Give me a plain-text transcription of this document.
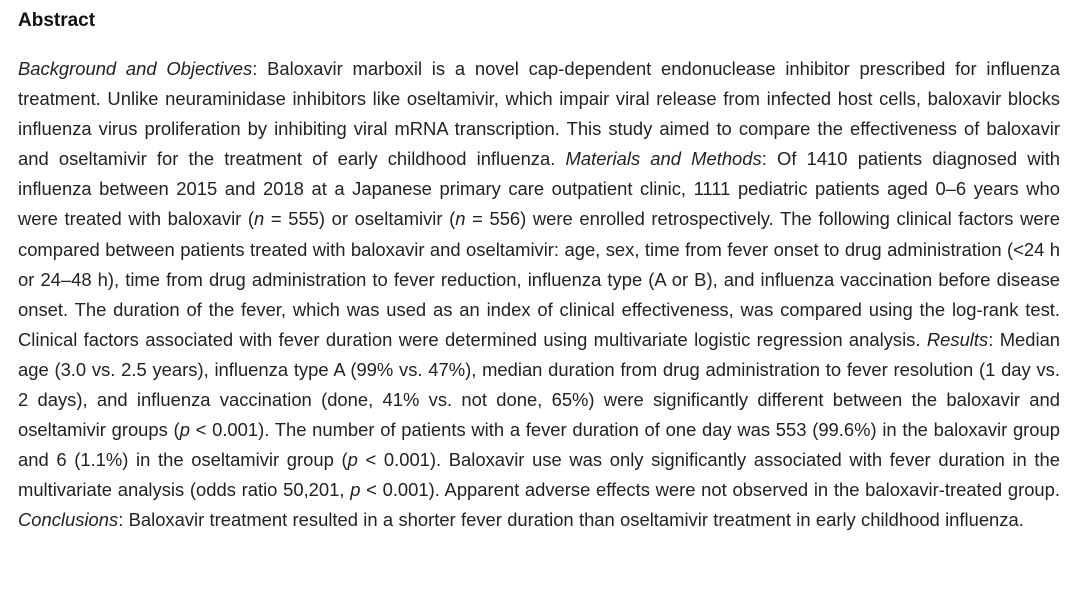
Abstract

Background and Objectives: Baloxavir marboxil is a novel cap-dependent endonuclease inhibitor prescribed for influenza treatment. Unlike neuraminidase inhibitors like oseltamivir, which impair viral release from infected host cells, baloxavir blocks influenza virus proliferation by inhibiting viral mRNA transcription. This study aimed to compare the effectiveness of baloxavir and oseltamivir for the treatment of early childhood influenza. Materials and Methods: Of 1410 patients diagnosed with influenza between 2015 and 2018 at a Japanese primary care outpatient clinic, 1111 pediatric patients aged 0–6 years who were treated with baloxavir (n = 555) or oseltamivir (n = 556) were enrolled retrospectively. The following clinical factors were compared between patients treated with baloxavir and oseltamivir: age, sex, time from fever onset to drug administration (<24 h or 24–48 h), time from drug administration to fever reduction, influenza type (A or B), and influenza vaccination before disease onset. The duration of the fever, which was used as an index of clinical effectiveness, was compared using the log-rank test. Clinical factors associated with fever duration were determined using multivariate logistic regression analysis. Results: Median age (3.0 vs. 2.5 years), influenza type A (99% vs. 47%), median duration from drug administration to fever resolution (1 day vs. 2 days), and influenza vaccination (done, 41% vs. not done, 65%) were significantly different between the baloxavir and oseltamivir groups (p < 0.001). The number of patients with a fever duration of one day was 553 (99.6%) in the baloxavir group and 6 (1.1%) in the oseltamivir group (p < 0.001). Baloxavir use was only significantly associated with fever duration in the multivariate analysis (odds ratio 50,201, p < 0.001). Apparent adverse effects were not observed in the baloxavir-treated group. Conclusions: Baloxavir treatment resulted in a shorter fever duration than oseltamivir treatment in early childhood influenza.
